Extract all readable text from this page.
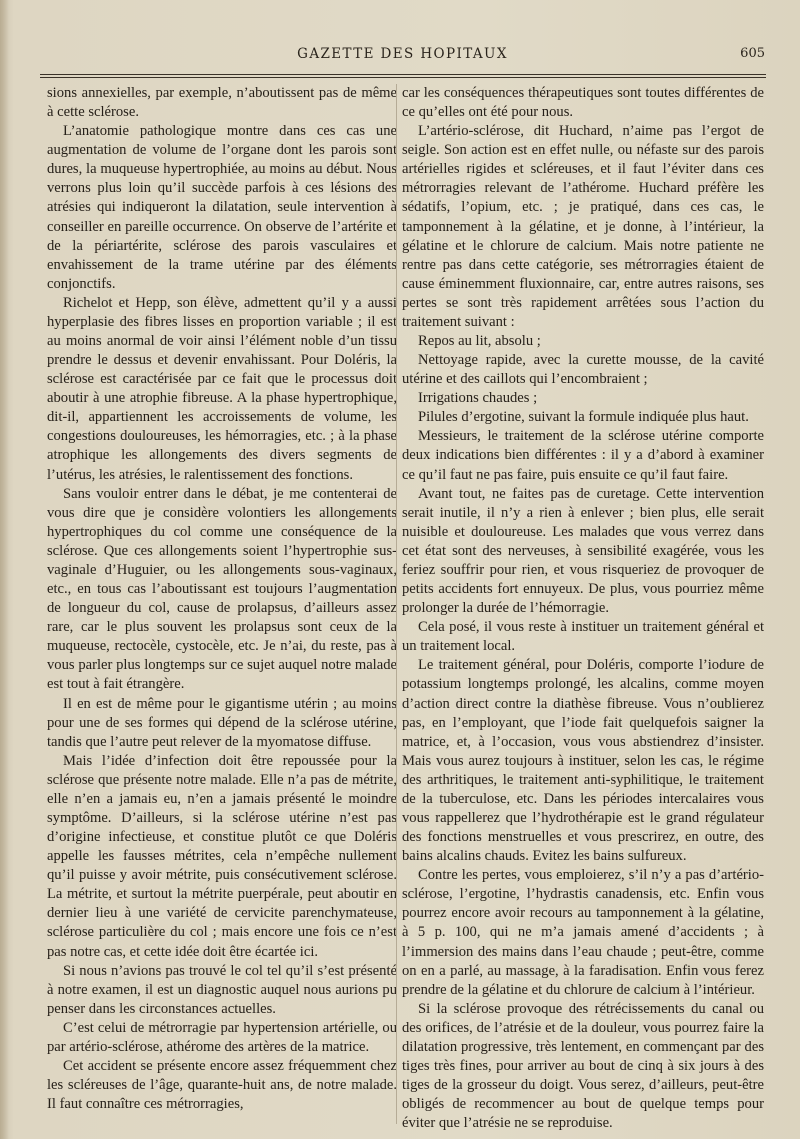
GAZETTE DES HOPITAUX	605

sions annexielles, par exemple, n’aboutissent pas de même à cette sclérose.

L’anatomie pathologique montre dans ces cas une augmentation de volume de l’organe dont les parois sont dures, la muqueuse hypertrophiée, au moins au début. Nous verrons plus loin qu’il succède parfois à ces lésions des atrésies qui indiqueront la dilatation, seule intervention à conseiller en pareille occurrence. On observe de l’artérite et de la périartérite, sclérose des parois vasculaires et envahissement de la trame utérine par des éléments conjonctifs.

Richelot et Hepp, son élève, admettent qu’il y a aussi hyperplasie des fibres lisses en proportion variable ; il est au moins anormal de voir ainsi l’élément noble d’un tissu prendre le dessus et devenir envahissant. Pour Doléris, la sclérose est caractérisée par ce fait que le processus doit aboutir à une atrophie fibreuse. A la phase hypertrophique, dit-il, appartiennent les accroissements de volume, les congestions douloureuses, les hémorragies, etc. ; à la phase atrophique les allongements des divers segments de l’utérus, les atrésies, le ralentissement des fonctions.

Sans vouloir entrer dans le débat, je me contenterai de vous dire que je considère volontiers les allongements hypertrophiques du col comme une conséquence de la sclérose. Que ces allongements soient l’hypertrophie sus-vaginale d’Huguier, ou les allongements sous-vaginaux, etc., en tous cas l’aboutissant est toujours l’augmentation de longueur du col, cause de prolapsus, d’ailleurs assez rare, car le plus souvent les prolapsus sont ceux de la muqueuse, rectocèle, cystocèle, etc. Je n’ai, du reste, pas à vous parler plus longtemps sur ce sujet auquel notre malade est tout à fait étrangère.

Il en est de même pour le gigantisme utérin ; au moins pour une de ses formes qui dépend de la sclérose utérine, tandis que l’autre peut relever de la myomatose diffuse.

Mais l’idée d’infection doit être repoussée pour la sclérose que présente notre malade. Elle n’a pas de métrite, elle n’en a jamais eu, n’en a jamais présenté le moindre symptôme. D’ailleurs, si la sclérose utérine n’est pas d’origine infectieuse, et constitue plutôt ce que Doléris appelle les fausses métrites, cela n’empêche nullement qu’il puisse y avoir métrite, puis consécutivement sclérose. La métrite, et surtout la métrite puerpérale, peut aboutir en dernier lieu à une variété de cervicite parenchymateuse, sclérose particulière du col ; mais encore une fois ce n’est pas notre cas, et cette idée doit être écartée ici.

Si nous n’avions pas trouvé le col tel qu’il s’est présenté à notre examen, il est un diagnostic auquel nous aurions pu penser dans les circonstances actuelles.

C’est celui de métrorragie par hypertension artérielle, ou par artério-sclérose, athérome des artères de la matrice.

Cet accident se présente encore assez fréquemment chez les scléreuses de l’âge, quarante-huit ans, de notre malade. Il faut connaître ces métrorragies,

car les conséquences thérapeutiques sont toutes différentes de ce qu’elles ont été pour nous.

L’artério-sclérose, dit Huchard, n’aime pas l’ergot de seigle. Son action est en effet nulle, ou néfaste sur des parois artérielles rigides et scléreuses, et il faut l’éviter dans ces métrorragies relevant de l’athérome. Huchard préfère les sédatifs, l’opium, etc. ; je pratiqué, dans ces cas, le tamponnement à la gélatine, et je donne, à l’intérieur, la gélatine et le chlorure de calcium. Mais notre patiente ne rentre pas dans cette catégorie, ses métrorragies étaient de cause éminemment fluxionnaire, car, entre autres raisons, ses pertes se sont très rapidement arrêtées sous l’action du traitement suivant :

Repos au lit, absolu ;

Nettoyage rapide, avec la curette mousse, de la cavité utérine et des caillots qui l’encombraient ;

Irrigations chaudes ;

Pilules d’ergotine, suivant la formule indiquée plus haut.

Messieurs, le traitement de la sclérose utérine comporte deux indications bien différentes : il y a d’abord à examiner ce qu’il faut ne pas faire, puis ensuite ce qu’il faut faire.

Avant tout, ne faites pas de curetage. Cette intervention serait inutile, il n’y a rien à enlever ; bien plus, elle serait nuisible et douloureuse. Les malades que vous verrez dans cet état sont des nerveuses, à sensibilité exagérée, vous les feriez souffrir pour rien, et vous risqueriez de provoquer de petits accidents fort ennuyeux. De plus, vous pourriez même prolonger la durée de l’hémorragie.

Cela posé, il vous reste à instituer un traitement général et un traitement local.

Le traitement général, pour Doléris, comporte l’iodure de potassium longtemps prolongé, les alcalins, comme moyen d’action direct contre la diathèse fibreuse. Vous n’oublierez pas, en l’employant, que l’iode fait quelquefois saigner la matrice, et, à l’occasion, vous vous abstiendrez d’insister. Mais vous aurez toujours à instituer, selon les cas, le régime des arthritiques, le traitement anti-syphilitique, le traitement de la tuberculose, etc. Dans les périodes intercalaires vous vous rappellerez que l’hydrothérapie est le grand régulateur des fonctions menstruelles et vous prescrirez, en outre, des bains alcalins chauds. Evitez les bains sulfureux.

Contre les pertes, vous emploierez, s’il n’y a pas d’artério-sclérose, l’ergotine, l’hydrastis canadensis, etc. Enfin vous pourrez encore avoir recours au tamponnement à la gélatine, à 5 p. 100, qui ne m’a jamais amené d’accidents ; à l’immersion des mains dans l’eau chaude ; peut-être, comme on en a parlé, au massage, à la faradisation. Enfin vous ferez prendre de la gélatine et du chlorure de calcium à l’intérieur.

Si la sclérose provoque des rétrécissements du canal ou des orifices, de l’atrésie et de la douleur, vous pourrez faire la dilatation progressive, très lentement, en commençant par des tiges très fines, pour arriver au bout de cinq à six jours à des tiges de la grosseur du doigt. Vous serez, d’ailleurs, peut-être obligés de recommencer au bout de quelque temps pour éviter que l’atrésie ne se reproduise.
